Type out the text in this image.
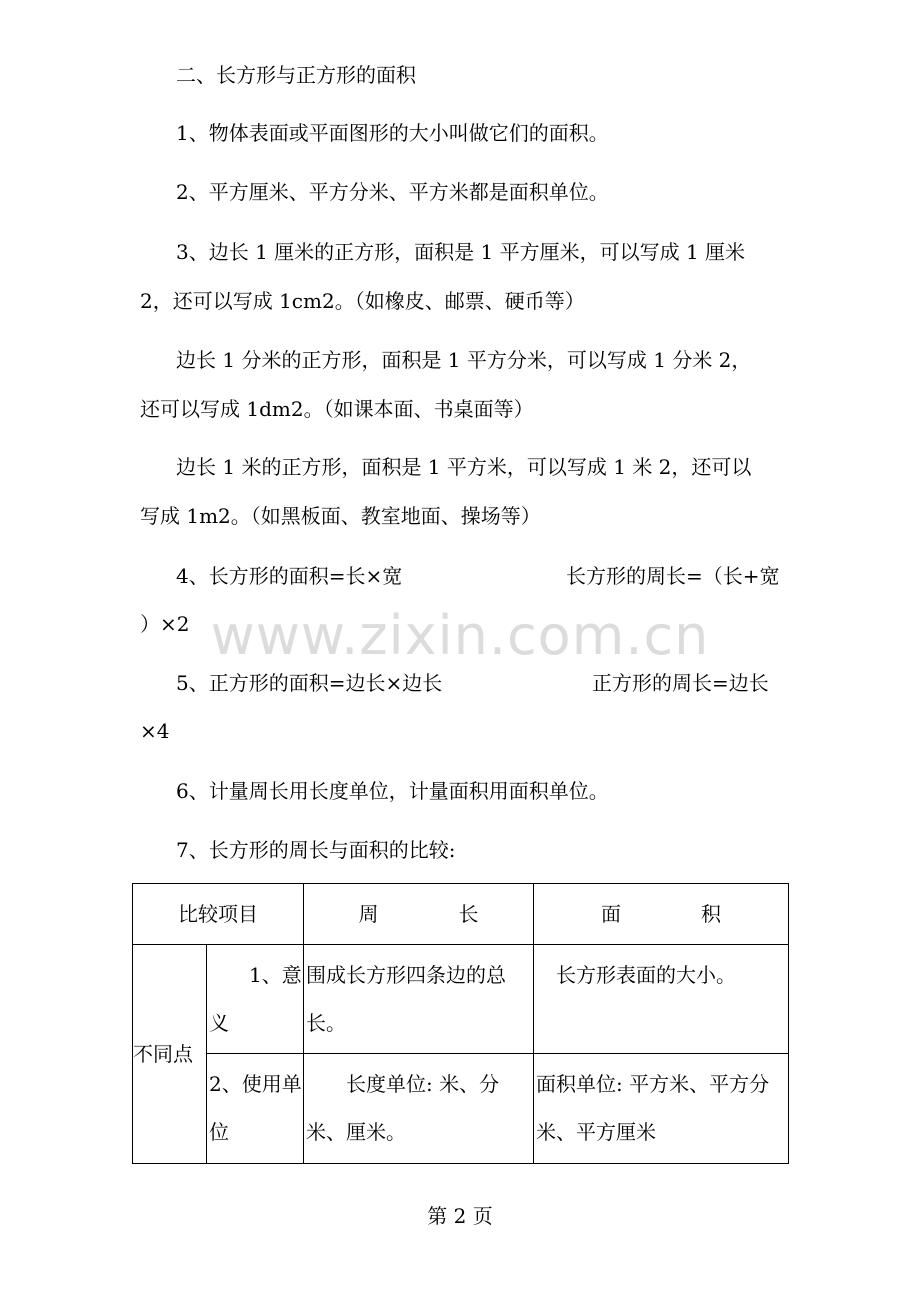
二、长方形与正方形的面积
1、物体表面或平面图形的大小叫做它们的面积。
2、平方厘米、平方分米、平方米都是面积单位。
3、边长 1 厘米的正方形，面积是 1 平方厘米，可以写成 1 厘米
2，还可以写成 1cm2。（如橡皮、邮票、硬币等）
边长 1 分米的正方形，面积是 1 平方分米，可以写成 1 分米 2，
还可以写成 1dm2。（如课本面、书桌面等）
边长 1 米的正方形，面积是 1 平方米，可以写成 1 米 2，还可以
写成 1m2。（如黑板面、教室地面、操场等）
4、长方形的面积=长×宽	长方形的周长=（长+宽
）×2
5、正方形的面积=边长×边长	正方形的周长=边长
×4
6、计量周长用长度单位，计量面积用面积单位。
7、长方形的周长与面积的比较:
www.zixin.com.cn
比较项目		周　　　　长	面　　　　积
不同点	　　1、意义	围成长方形四条边的总长。	　长方形表面的大小。

	2、使用单位	　　长度单位: 米、分米、厘米。	面积单位: 平方米、平方分米、平方厘米
第 2 页
